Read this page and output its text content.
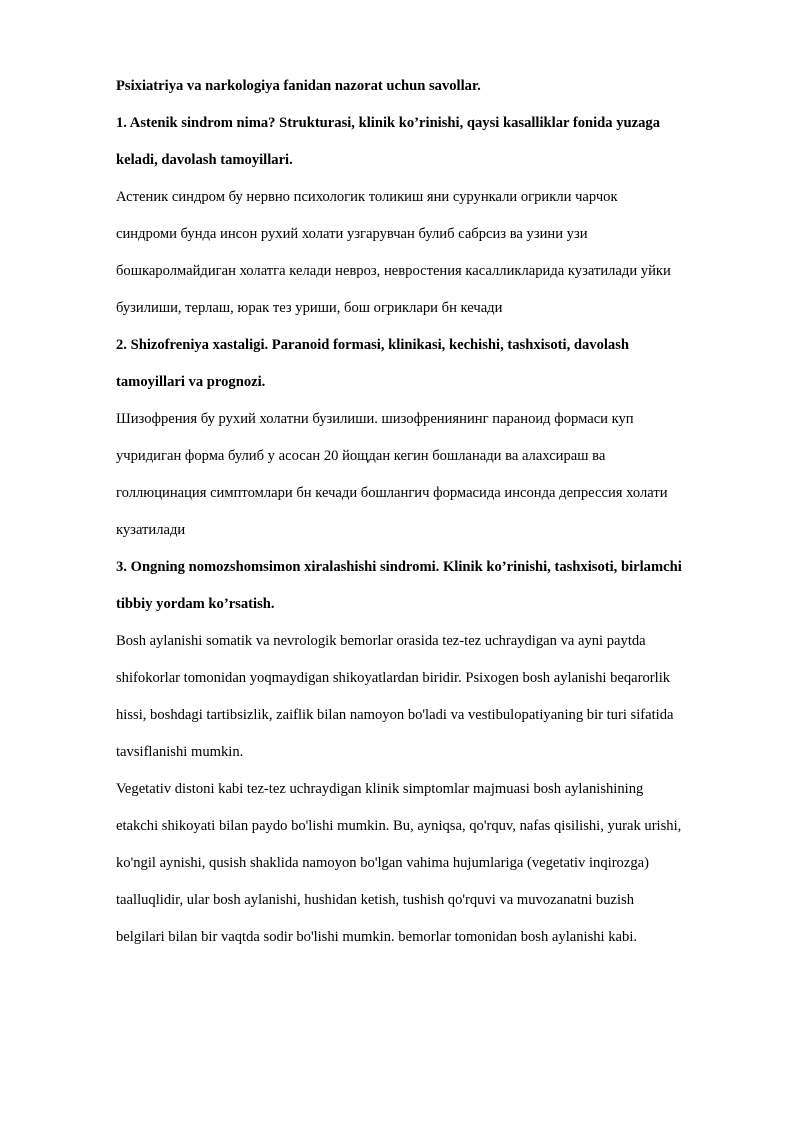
Psixiatriya va narkologiya fanidan nazorat uchun savollar.

1. Astenik sindrom nima? Strukturasi, klinik ko’rinishi, qaysi kasalliklar fonida yuzaga

keladi, davolash tamoyillari.

Астеник синдром бу нервно психологик толикиш яни сурункали огрикли чарчок

синдроми бунда инсон рухий холати узгарувчан булиб сабрсиз ва узини узи

бошкаролмайдиган холатга келади невроз, невростения касалликларида кузатилади уйки

бузилиши, терлаш, юрак тез уриши, бош огриклари бн кечади

2. Shizofreniya xastaligi. Paranoid formasi, klinikasi, kechishi, tashxisoti, davolash

tamoyillari va prognozi.

Шизофрения бу рухий холатни бузилиши. шизофрениянинг параноид формаси куп

учридиган форма булиб у асосан 20 йощдан кегин бошланади ва алахсираш ва

голлюцинация симптомлари бн кечади бошлангич формасида инсонда депрессия холати

кузатилади

3. Ongning nomozshomsimon xiralashishi sindromi. Klinik ko’rinishi, tashxisoti, birlamchi

tibbiy yordam ko’rsatish.

Bosh aylanishi somatik va nevrologik bemorlar orasida tez-tez uchraydigan va ayni paytda

shifokorlar tomonidan yoqmaydigan shikoyatlardan biridir. Psixogen bosh aylanishi beqarorlik

hissi, boshdagi tartibsizlik, zaiflik bilan namoyon bo'ladi va vestibulopatiyaning bir turi sifatida

tavsiflanishi mumkin.

Vegetativ distoni kabi tez-tez uchraydigan klinik simptomlar majmuasi bosh aylanishining

etakchi shikoyati bilan paydo bo'lishi mumkin. Bu, ayniqsa, qo'rquv, nafas qisilishi, yurak urishi,

ko'ngil aynishi, qusish shaklida namoyon bo'lgan vahima hujumlariga (vegetativ inqirozga)

taalluqlidir, ular bosh aylanishi, hushidan ketish, tushish qo'rquvi va muvozanatni buzish

belgilari bilan bir vaqtda sodir bo'lishi mumkin. bemorlar tomonidan bosh aylanishi kabi.
